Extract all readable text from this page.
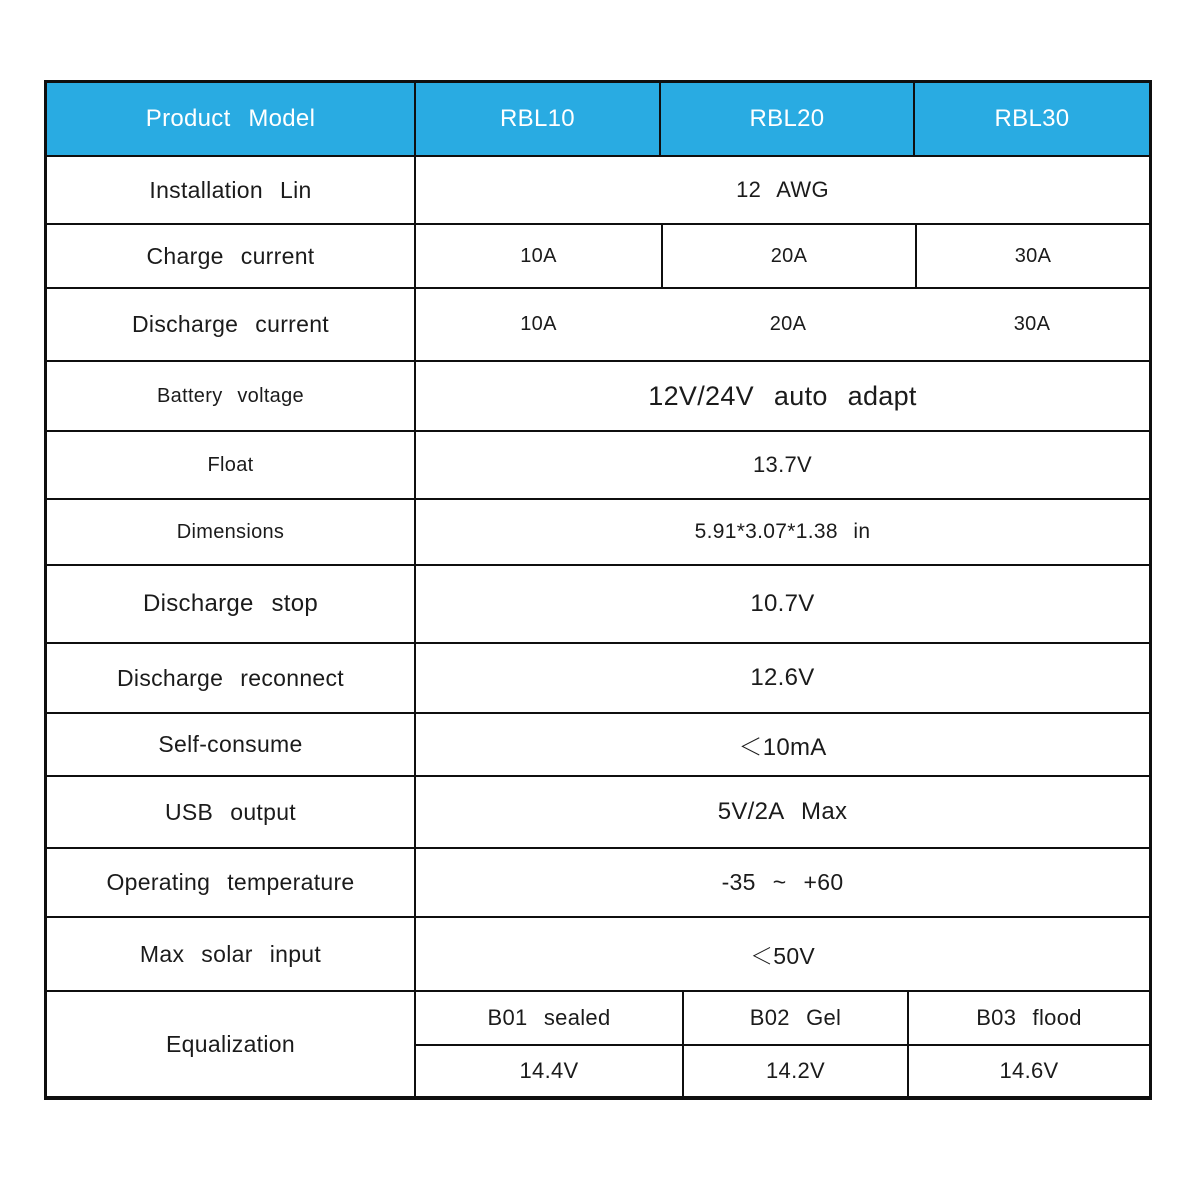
Product Model	RBL10	RBL20	RBL30
Installation Lin	12 AWG
Charge current	10A	20A	30A
Discharge current	10A	20A	30A
Battery voltage	12V/24V auto adapt
Float	13.7V
Dimensions	5.91*3.07*1.38 in
Discharge stop	10.7V
Discharge reconnect	12.6V
Self-consume	＜10mA
USB output	5V/2A Max
Operating temperature	-35 ~ +60
Max solar input	＜50V
Equalization
B01 sealed	B02 Gel	B03 flood
14.4V	14.2V	14.6V
